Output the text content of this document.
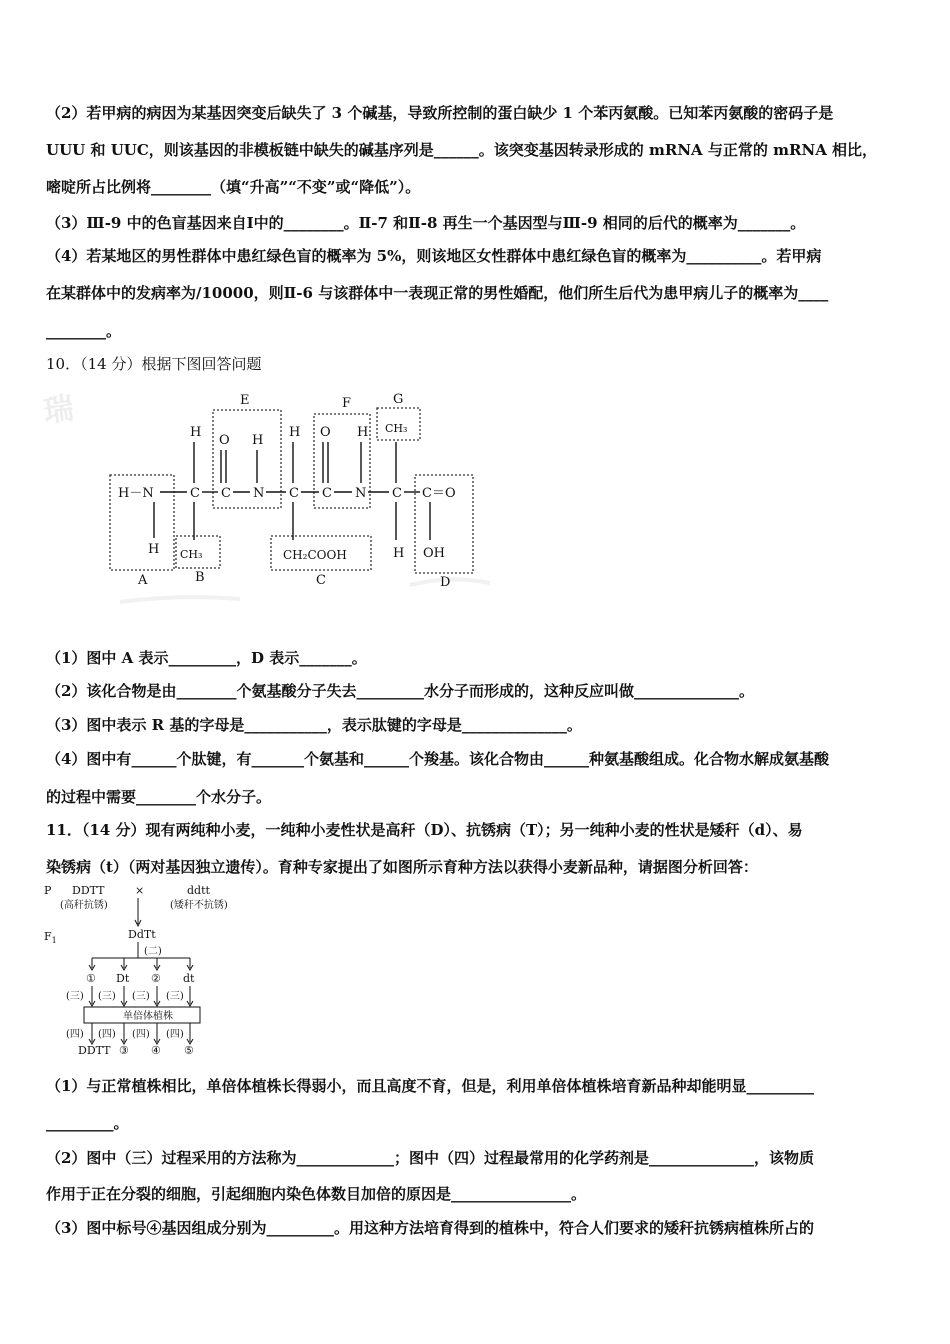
（2）若甲病的病因为某基因突变后缺失了 3 个碱基，导致所控制的蛋白缺少 1 个苯丙氨酸。已知苯丙氨酸的密码子是
UUU 和 UUC，则该基因的非模板链中缺失的碱基序列是______。该突变基因转录形成的 mRNA 与正常的 mRNA 相比，
嘧啶所占比例将________（填“升高”“不变”或“降低”）。
（3）Ⅲ-9 中的色盲基因来自Ⅰ中的________。Ⅱ-7 和Ⅱ-8 再生一个基因型与Ⅲ-9 相同的后代的概率为_______。
（4）若某地区的男性群体中患红绿色盲的概率为 5%，则该地区女性群体中患红绿色盲的概率为__________。若甲病
在某群体中的发病率为/10000，则Ⅱ-6 与该群体中一表现正常的男性婚配，他们所生后代为患甲病儿子的概率为____
________。
10．（14 分）根据下图回答问题
瑞	E	F	G
A	B	C	D
H－N
H
H
C
CH₃
O H
C N
H
C
CH₂COOH
O
C
H
N
CH₃
C
H
C＝O
OH
（1）图中 A 表示_________，D 表示_______。
（2）该化合物是由________个氨基酸分子失去_________水分子而形成的，这种反应叫做______________。
（3）图中表示 R 基的字母是___________，表示肽键的字母是______________。
（4）图中有______个肽键，有_______个氨基和______个羧基。该化合物由______种氨基酸组成。化合物水解成氨基酸
的过程中需要________个水分子。
11．（14 分）现有两纯种小麦，一纯种小麦性状是高秆（D）、抗锈病（T）；另一纯种小麦的性状是矮秆（d）、易
染锈病（t）（两对基因独立遗传）。育种专家提出了如图所示育种方法以获得小麦新品种，请据图分析回答：
P DDTT	×	ddtt
(高秆抗锈)	(矮秆不抗锈)
$F_1$	DdTt
(二)
① Dt ② dt
(三) (三) (三) (三)
单倍体植株
(四) (四) (四) (四)
DDTT ③ ④ ⑤
（1）与正常植株相比，单倍体植株长得弱小，而且高度不育，但是，利用单倍体植株培育新品种却能明显_________
_________。
（2）图中（三）过程采用的方法称为_____________；图中（四）过程最常用的化学药剂是______________，该物质
作用于正在分裂的细胞，引起细胞内染色体数目加倍的原因是________________。
（3）图中标号④基因组成分别为_________。用这种方法培育得到的植株中，符合人们要求的矮秆抗锈病植株所占的
